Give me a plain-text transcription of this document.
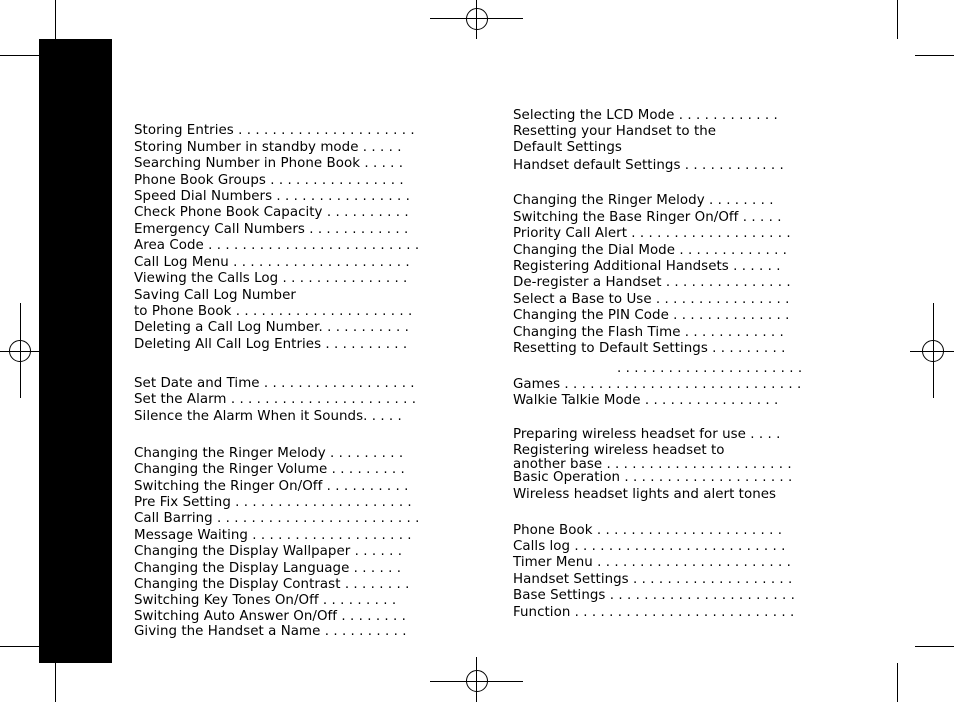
Storing Entries . . . . . . . . . . . . . . . . . . . . .

Storing Number in standby mode . . . . .

Searching Number in Phone Book . . . . .

Phone Book Groups . . . . . . . . . . . . . . . .

Speed Dial Numbers . . . . . . . . . . . . . . . .

Check Phone Book Capacity . . . . . . . . . .

Emergency Call Numbers . . . . . . . . . . . .

Area Code . . . . . . . . . . . . . . . . . . . . . . . . .

Call Log Menu . . . . . . . . . . . . . . . . . . . . .

Viewing the Calls Log . . . . . . . . . . . . . . .

Saving Call Log Number

to Phone Book . . . . . . . . . . . . . . . . . . . . .

Deleting a Call Log Number. . . . . . . . . . .

Deleting All Call Log Entries . . . . . . . . . .

Set Date and Time . . . . . . . . . . . . . . . . . .

Set the Alarm . . . . . . . . . . . . . . . . . . . . . .

Silence the Alarm When it Sounds. . . . .

Changing the Ringer Melody . . . . . . . . .

Changing the Ringer Volume . . . . . . . . .

Switching the Ringer On/Off . . . . . . . . . .

Pre Fix Setting . . . . . . . . . . . . . . . . . . . . .

Call Barring . . . . . . . . . . . . . . . . . . . . . . . .

Message Waiting . . . . . . . . . . . . . . . . . . .

Changing the Display Wallpaper . . . . . .

Changing the Display Language . . . . . .

Changing the Display Contrast . . . . . . . .

Switching Key Tones On/Off . . . . . . . . .

Switching Auto Answer On/Off . . . . . . . .

Giving the Handset a Name . . . . . . . . . .

Selecting the LCD Mode . . . . . . . . . . . .

Resetting your Handset to the

Default Settings

Handset default Settings . . . . . . . . . . . .

Changing the Ringer Melody . . . . . . . .

Switching the Base Ringer On/Off . . . . .

Priority Call Alert . . . . . . . . . . . . . . . . . . .

Changing the Dial Mode . . . . . . . . . . . . .

Registering Additional Handsets . . . . . .

De-register a Handset . . . . . . . . . . . . . . .

Select a Base to Use . . . . . . . . . . . . . . . .

Changing the PIN Code . . . . . . . . . . . . . .

Changing the Flash Time . . . . . . . . . . . .

Resetting to Default Settings . . . . . . . . .

. . . . . . . . . . . . . . . . . . . . . .

Games . . . . . . . . . . . . . . . . . . . . . . . . . . . .

Walkie Talkie Mode . . . . . . . . . . . . . . . .

Preparing wireless headset for use . . . .

Registering wireless headset to

another base . . . . . . . . . . . . . . . . . . . . . .

Basic Operation . . . . . . . . . . . . . . . . . . . .

Wireless headset lights and alert tones

Phone Book . . . . . . . . . . . . . . . . . . . . . .

Calls log . . . . . . . . . . . . . . . . . . . . . . . . .

Timer Menu . . . . . . . . . . . . . . . . . . . . . . .

Handset Settings . . . . . . . . . . . . . . . . . . .

Base Settings . . . . . . . . . . . . . . . . . . . . . .

Function . . . . . . . . . . . . . . . . . . . . . . . . . .
